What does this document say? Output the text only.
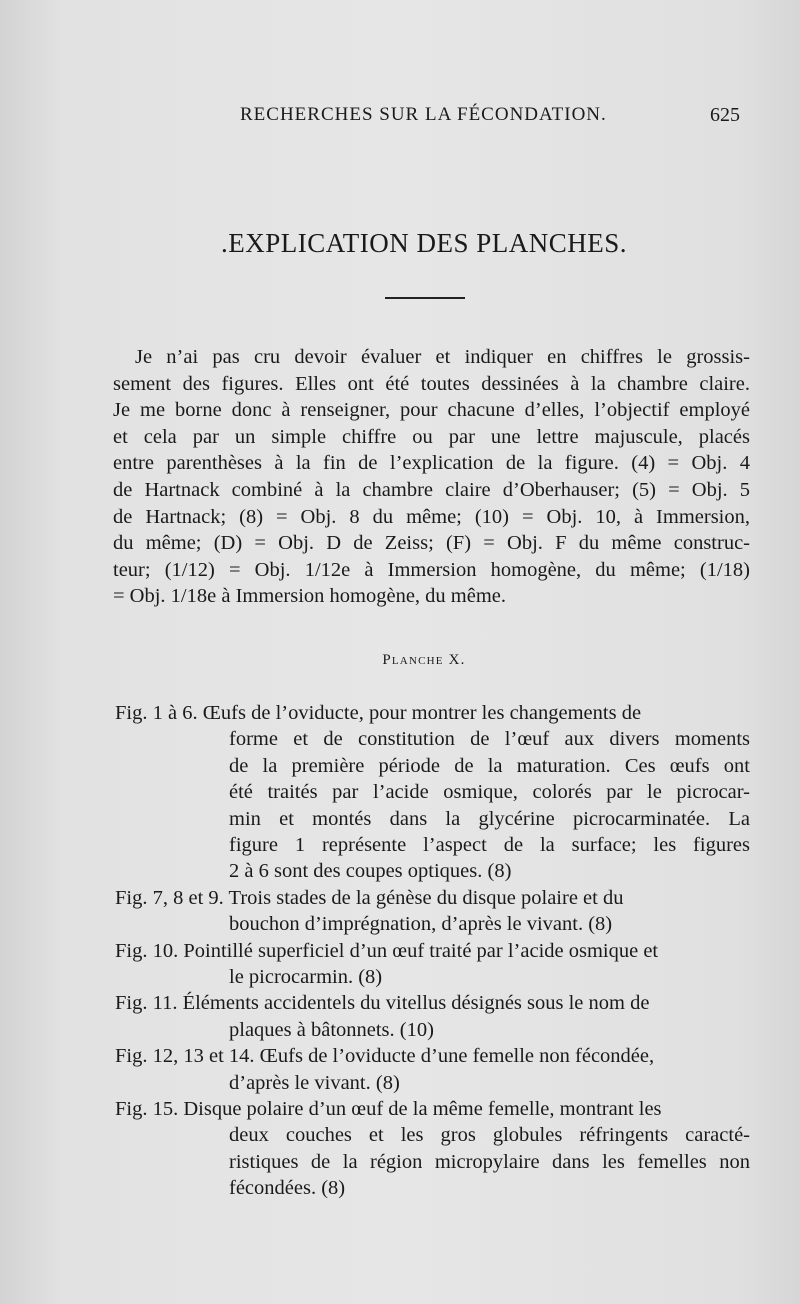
RECHERCHES SUR LA FÉCONDATION.	625
.EXPLICATION DES PLANCHES.
Je n’ai pas cru devoir évaluer et indiquer en chiffres le grossis-
sement des figures. Elles ont été toutes dessinées à la chambre claire.
Je me borne donc à renseigner, pour chacune d’elles, l’objectif employé
et cela par un simple chiffre ou par une lettre majuscule, placés
entre parenthèses à la fin de l’explication de la figure. (4) = Obj. 4
de Hartnack combiné à la chambre claire d’Oberhauser; (5) = Obj. 5
de Hartnack; (8) = Obj. 8 du même; (10) = Obj. 10, à Immersion,
du même; (D) = Obj. D de Zeiss; (F) = Obj. F du même construc-
teur; (1/12) = Obj. 1/12e à Immersion homogène, du même; (1/18)
= Obj. 1/18e à Immersion homogène, du même.
Planche X.
Fig. 1 à 6. Œufs de l’oviducte, pour montrer les changements de
forme et de constitution de l’œuf aux divers moments
de la première période de la maturation. Ces œufs ont
été traités par l’acide osmique, colorés par le picrocar-
min et montés dans la glycérine picrocarminatée. La
figure 1 représente l’aspect de la surface; les figures
2 à 6 sont des coupes optiques. (8)
Fig. 7, 8 et 9. Trois stades de la génèse du disque polaire et du
bouchon d’imprégnation, d’après le vivant. (8)
Fig. 10. Pointillé superficiel d’un œuf traité par l’acide osmique et
le picrocarmin. (8)
Fig. 11. Éléments accidentels du vitellus désignés sous le nom de
plaques à bâtonnets. (10)
Fig. 12, 13 et 14. Œufs de l’oviducte d’une femelle non fécondée,
d’après le vivant. (8)
Fig. 15. Disque polaire d’un œuf de la même femelle, montrant les
deux couches et les gros globules réfringents caracté-
ristiques de la région micropylaire dans les femelles non
fécondées. (8)
